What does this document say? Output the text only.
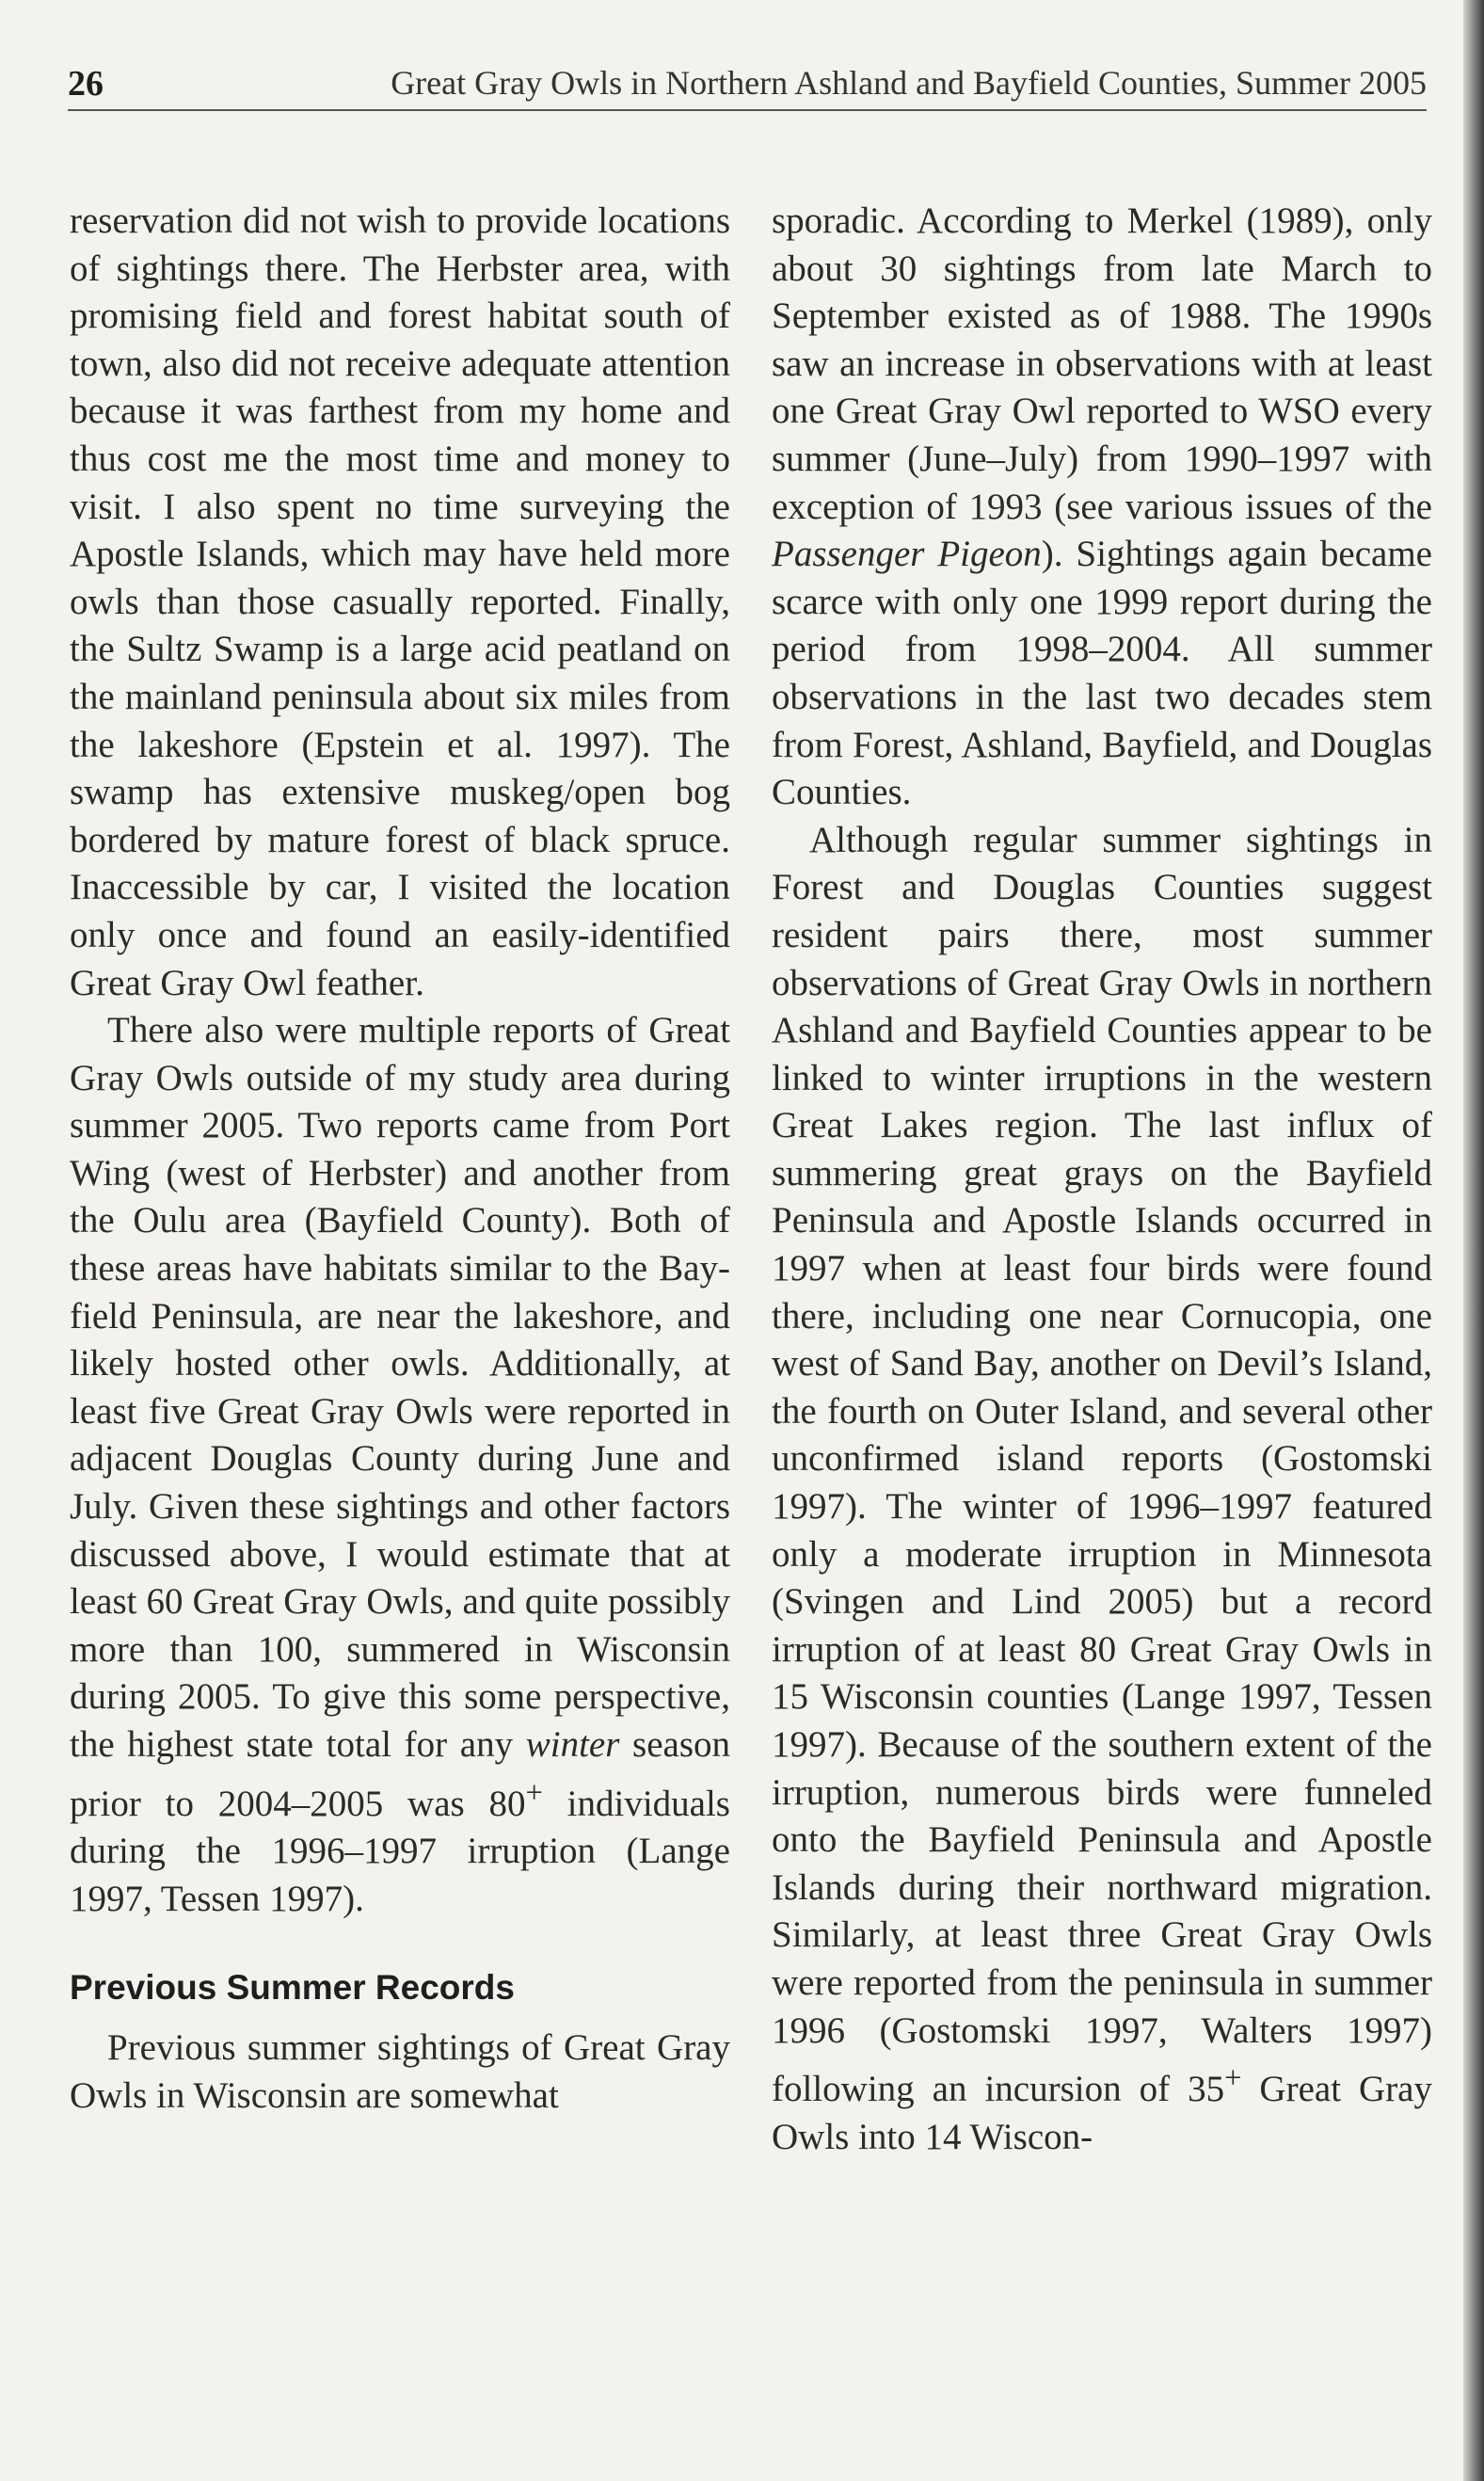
26	Great Gray Owls in Northern Ashland and Bayfield Counties, Summer 2005

reservation did not wish to provide locations of sightings there. The Herbster area, with promising field and forest habitat south of town, also did not receive adequate attention because it was farthest from my home and thus cost me the most time and money to visit. I also spent no time surveying the Apostle Islands, which may have held more owls than those casually reported. Finally, the Sultz Swamp is a large acid peatland on the mainland peninsula about six miles from the lakeshore (Epstein et al. 1997). The swamp has extensive muskeg/open bog bordered by mature forest of black spruce. Inaccessible by car, I visited the location only once and found an easily-identified Great Gray Owl feather.

There also were multiple reports of Great Gray Owls outside of my study area during summer 2005. Two reports came from Port Wing (west of Herbster) and another from the Oulu area (Bayfield County). Both of these areas have habitats similar to the Bayfield Peninsula, are near the lakeshore, and likely hosted other owls. Additionally, at least five Great Gray Owls were reported in adjacent Douglas County during June and July. Given these sightings and other factors discussed above, I would estimate that at least 60 Great Gray Owls, and quite possibly more than 100, summered in Wisconsin during 2005. To give this some perspective, the highest state total for any winter season prior to 2004–2005 was 80+ individuals during the 1996–1997 irruption (Lange 1997, Tessen 1997).

Previous Summer Records

Previous summer sightings of Great Gray Owls in Wisconsin are somewhat

sporadic. According to Merkel (1989), only about 30 sightings from late March to September existed as of 1988. The 1990s saw an increase in observations with at least one Great Gray Owl reported to WSO every summer (June–July) from 1990–1997 with exception of 1993 (see various issues of the Passenger Pigeon). Sightings again became scarce with only one 1999 report during the period from 1998–2004. All summer observations in the last two decades stem from Forest, Ashland, Bayfield, and Douglas Counties.

Although regular summer sightings in Forest and Douglas Counties suggest resident pairs there, most summer observations of Great Gray Owls in northern Ashland and Bayfield Counties appear to be linked to winter irruptions in the western Great Lakes region. The last influx of summering great grays on the Bayfield Peninsula and Apostle Islands occurred in 1997 when at least four birds were found there, including one near Cornucopia, one west of Sand Bay, another on Devil’s Island, the fourth on Outer Island, and several other unconfirmed island reports (Gostomski 1997). The winter of 1996–1997 featured only a moderate irruption in Minnesota (Svingen and Lind 2005) but a record irruption of at least 80 Great Gray Owls in 15 Wisconsin counties (Lange 1997, Tessen 1997). Because of the southern extent of the irruption, numerous birds were funneled onto the Bayfield Peninsula and Apostle Islands during their northward migration. Similarly, at least three Great Gray Owls were reported from the peninsula in summer 1996 (Gostomski 1997, Walters 1997) following an incursion of 35+ Great Gray Owls into 14 Wiscon-
